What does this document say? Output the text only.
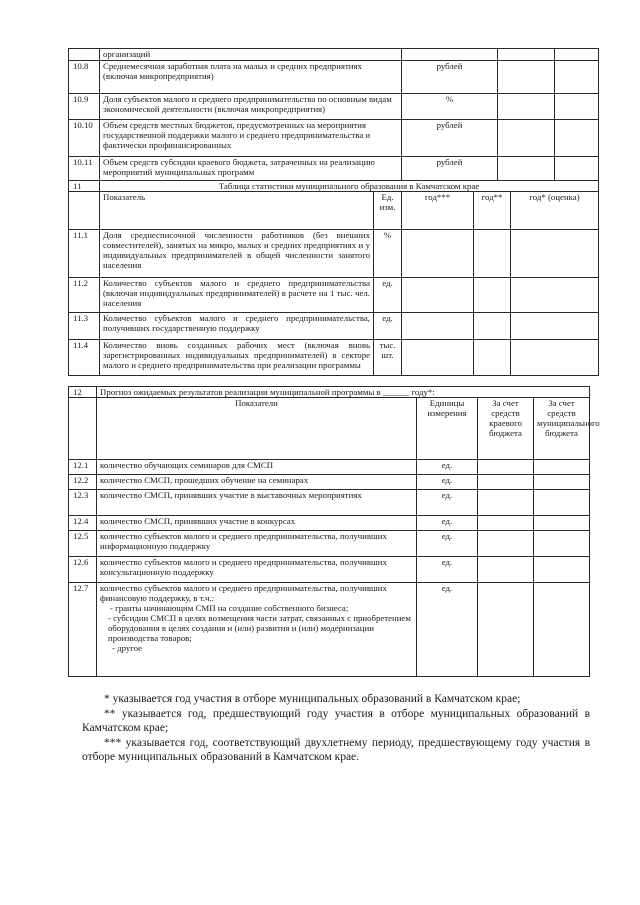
	организаций						
10.8	Среднемесячная заработная плата на малых и средних предприятиях (включая микропредприятия)		рублей				
10.9	Доля субъектов малого и среднего предпринимательства по основным видам экономической деятельности (включая микропредприятия)		%				
10.10	Объем средств местных бюджетов, предусмотренных на мероприятия государственной поддержки малого и среднего предпринимательства и фактически профинансированных		рублей				
10.11	Объем средств субсидии краевого бюджета, затраченных на реализацию мероприятий муниципальных программ		рублей				
11	Таблица статистики муниципального образования в Камчатском крае						
	Показатель	Ед. изм.	год***	год**		год* (оценка)	
11.1	Доля среднесписочной численности работников (без внешних совместителей), занятых на микро, малых и средних предприятиях и у индивидуальных предпринимателей в общей численности занятого населения	%					
11.2	Количество субъектов малого и среднего предпринимательства (включая индивидуальных предпринимателей) в расчете на 1 тыс. чел. населения	ед.					
11.3	Количество субъектов малого и среднего предпринимательства, получивших государственную поддержку	ед.					
11.4	Количество вновь созданных рабочих мест (включая вновь зарегистрированных индивидуальных предпринимателей) в секторе малого и среднего предпринимательства при реализации программы	тыс. шт.					
12	Прогноз ожидаемых результатов реализации муниципальной программы в ______ году*:			
	Показатели	Единицы измерения	За счет средств краевого бюджета	За счет средств муниципального бюджета
12.1	количество обучающих семинаров для СМСП	ед.		
12.2	количество СМСП, прошедших обучение на семинарах	ед.		
12.3	количество СМСП, принявших участие в выставочных мероприятиях	ед.		
12.4	количество СМСП, принявших участие в конкурсах	ед.		
12.5	количество субъектов малого и среднего предпринимательства, получивших информационную поддержку	ед.		
12.6	количество субъектов малого и среднего предпринимательства, получивших консультационную поддержку	ед.		
12.7	количество субъектов малого и среднего предпринимательства, получивших финансовую поддержку, в т.ч.:
- гранты начинающим СМП на создание собственного бизнеса;
- субсидии СМСП в целях возмещения части затрат, связанных с приобретением оборудования в целях создания и (или) развития и (или) модернизации производства товаров;
- другое	ед.		

* указывается год участия в отборе муниципальных образований в Камчатском крае;

** указывается год, предшествующий году участия в отборе муниципальных образований в Камчатском крае;

*** указывается год, соответствующий двухлетнему периоду, предшествующему году участия в отборе муниципальных образований в Камчатском крае.
